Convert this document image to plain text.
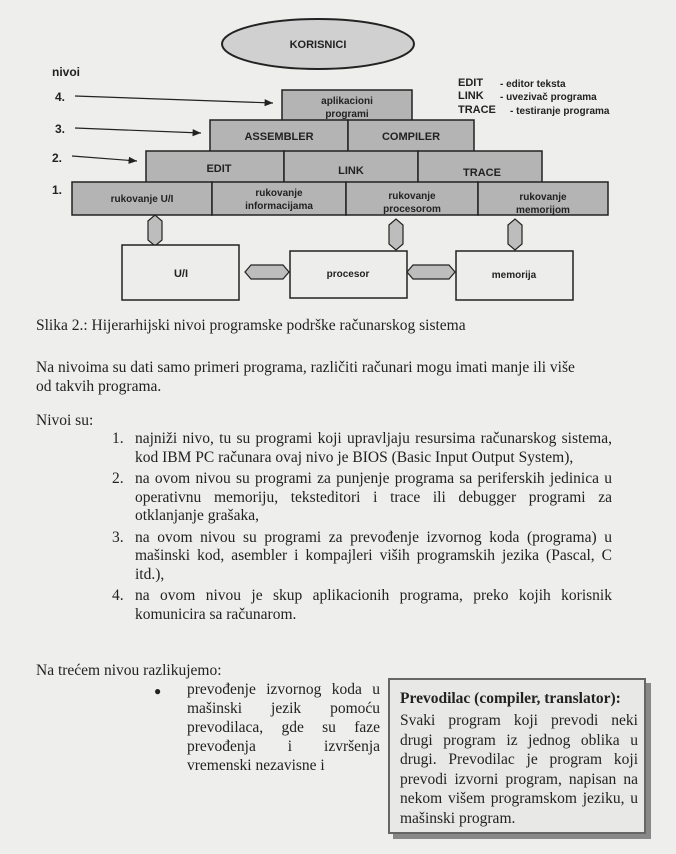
KORISNICI
nivoi
4.
3.
2.
1.
EDIT - editor teksta
LINK - uvezivač programa
TRACE - testiranje programa
aplikacioni
programi
ASSEMBLER	COMPILER
EDIT	LINK	TRACE
rukovanje U/I
rukovanje
informacijama
rukovanje
procesorom
rukovanje
memorijom
U/I	procesor	memorija
Slika 2.: Hijerarhijski nivoi programske podrške računarskog sistema
Na nivoima su dati samo primeri programa, različiti računari mogu imati manje ili više
od takvih programa.
Nivoi su:
1. najniži nivo, tu su programi koji upravljaju resursima računarskog sistema, kod IBM PC računara ovaj nivo je BIOS (Basic Input Output System),
2. na ovom nivou su programi za punjenje programa sa periferskih jedinica u operativnu memoriju, teksteditori i trace ili debugger programi za otklanjanje grašaka,
3. na ovom nivou su programi za prevođenje izvornog koda (programa) u mašinski kod, asembler i kompajleri viših programskih jezika (Pascal, C itd.),
4. na ovom nivou je skup aplikacionih programa, preko kojih korisnik komunicira sa računarom.
Na trećem nivou razlikujemo:
●	prevođenje izvornog koda u mašinski jezik pomoću prevodilaca, gde su faze prevođenja i izvršenja vremenski nezavisne i
Prevodilac (compiler, translator):
Svaki program koji prevodi neki drugi program iz jednog oblika u drugi. Prevodilac je program koji prevodi izvorni program, napisan na nekom višem programskom jeziku, u mašinski program.
